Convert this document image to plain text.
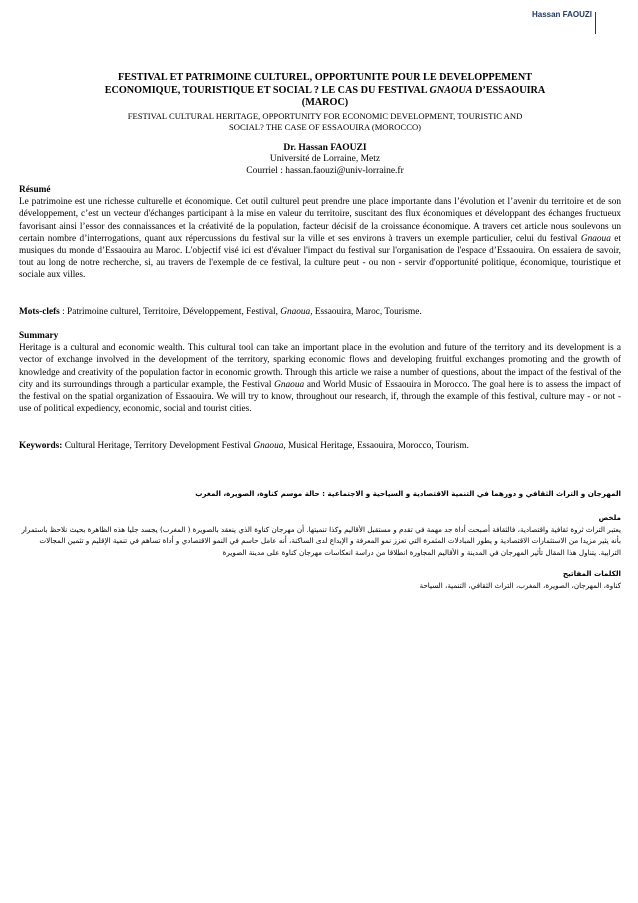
Hassan FAOUZI

FESTIVAL ET PATRIMOINE CULTUREL, OPPORTUNITE POUR LE DEVELOPPEMENT
ECONOMIQUE, TOURISTIQUE ET SOCIAL ? LE CAS DU FESTIVAL GNAOUA D’ESSAOUIRA
(MAROC)

FESTIVAL CULTURAL HERITAGE, OPPORTUNITY FOR ECONOMIC DEVELOPMENT, TOURISTIC AND
SOCIAL? THE CASE OF ESSAOUIRA (MOROCCO)

Dr. Hassan FAOUZI
Université de Lorraine, Metz
Courriel : hassan.faouzi@univ-lorraine.fr

Résumé

Le patrimoine est une richesse culturelle et économique. Cet outil culturel peut prendre une place importante dans l’évolution et l’avenir du territoire et de son développement, c’est un vecteur d'échanges participant à la mise en valeur du territoire, suscitant des flux économiques et développant des échanges fructueux favorisant ainsi l’essor des connaissances et la créativité de la population, facteur décisif de la croissance économique. A travers cet article nous soulevons un certain nombre d’interrogations, quant aux répercussions du festival sur la ville et ses environs à travers un exemple particulier, celui du festival Gnaoua et musiques du monde d’Essaouira au Maroc. L'objectif visé ici est d'évaluer l'impact du festival sur l'organisation de l'espace d’Essaouira. On essaiera de savoir, tout au long de notre recherche, si, au travers de l'exemple de ce festival, la culture peut - ou non - servir d'opportunité politique, économique, touristique et sociale aux villes.

Mots-clefs : Patrimoine culturel, Territoire, Développement, Festival, Gnaoua, Essaouira, Maroc, Tourisme.

Summary

Heritage is a cultural and economic wealth. This cultural tool can take an important place in the evolution and future of the territory and its development is a vector of exchange involved in the development of the territory, sparking economic flows and developing fruitful exchanges promoting and the growth of knowledge and creativity of the population factor in economic growth. Through this article we raise a number of questions, about the impact of the festival of the city and its surroundings through a particular example, the Festival Gnaoua and World Music of Essaouira in Morocco. The goal here is to assess the impact of the festival on the spatial organization of Essaouira. We will try to know, throughout our research, if, through the example of this festival, culture may - or not - use of political expediency, economic, social and tourist cities.

Keywords: Cultural Heritage, Territory Development Festival Gnaoua, Musical Heritage, Essaouira, Morocco, Tourism.

المهرجان و التراث الثقافي و دورهما في التنمية الاقتصادية و السياحية و الاجتماعية : حالة موسم كناوة، الصويرة، المغرب

ملخص

يعتبر التراث ثروة ثقافية واقتصادية، فالثقافة أصبحت أداة جد مهمة في تقدم و مستقبل الأقاليم وكذا تنميتها. أن مهرجان كناوة الذي ينعقد بالصويرة ( المغرب) يجسد جليا هذه الظاهرة بحيث نلاحظ باستمرار بأنه يثير مزيدا من الاستثمارات الاقتصادية و يطور المبادلات المثمرة التي تعزز نمو المعرفة و الإبداع لدى الساكنة، أنه عامل حاسم في النمو الاقتصادي و أداة تساهم في تنمية الإقليم و تثمين المجالات الترابية. يتناول هذا المقال تأثير المهرجان في المدينة و الأقاليم المجاورة انطلاقا من دراسة انعكاسات مهرجان كناوة على مدينة الصويرة

الكلمات المفاتيح

كناوة، المهرجان، الصويرة، المغرب، التراث الثقافي، التنمية، السياحة
